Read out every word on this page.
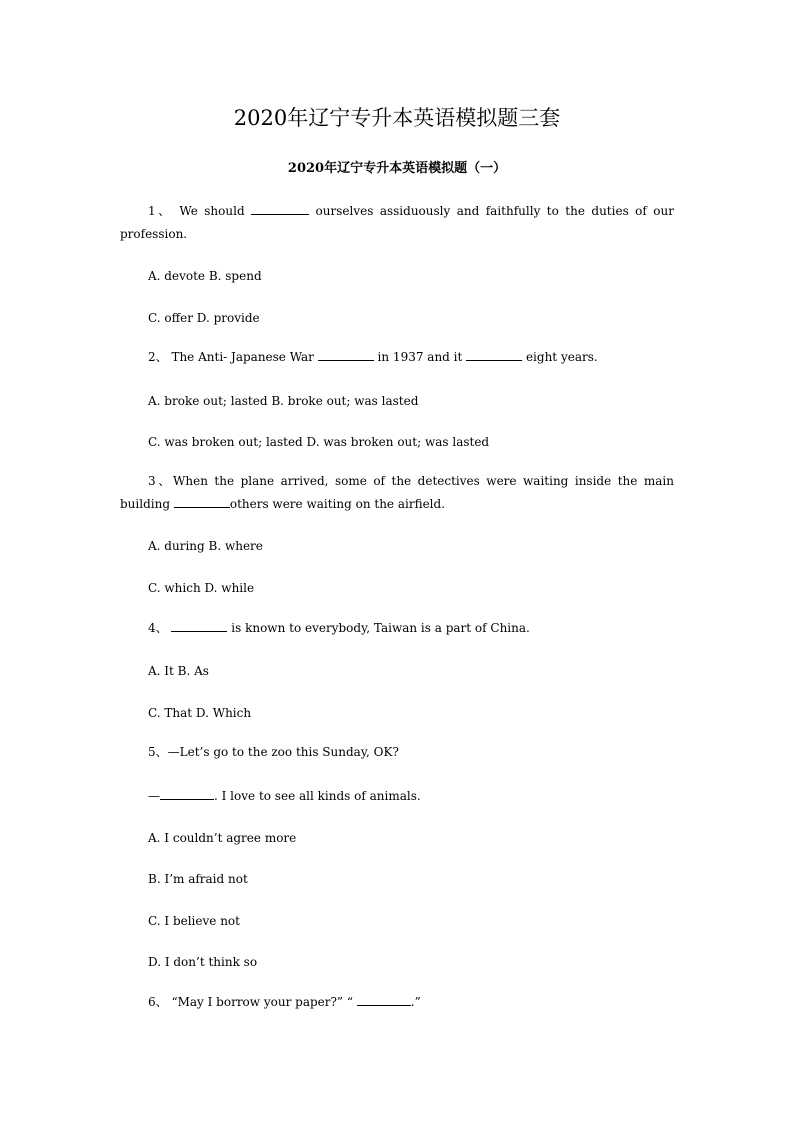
2020年辽宁专升本英语模拟题三套
2020年辽宁专升本英语模拟题（一）
1、 We should	ourselves assiduously and faithfully to the duties of our profession.
A. devote B. spend
C. offer D. provide
2、 The Anti- Japanese War	in 1937 and it	eight years.
A. broke out; lasted B. broke out; was lasted
C. was broken out; lasted D. was broken out; was lasted
3、When the plane arrived, some of the detectives were waiting inside the main building	others were waiting on the airfield.
A. during B. where
C. which D. while
4、	is known to everybody, Taiwan is a part of China.
A. It B. As
C. That D. Which
5、—Let’s go to the zoo this Sunday, OK?
—	. I love to see all kinds of animals.
A. I couldn’t agree more
B. I’m afraid not
C. I believe not
D. I don’t think so
6、 “May I borrow your paper?” “	.”
